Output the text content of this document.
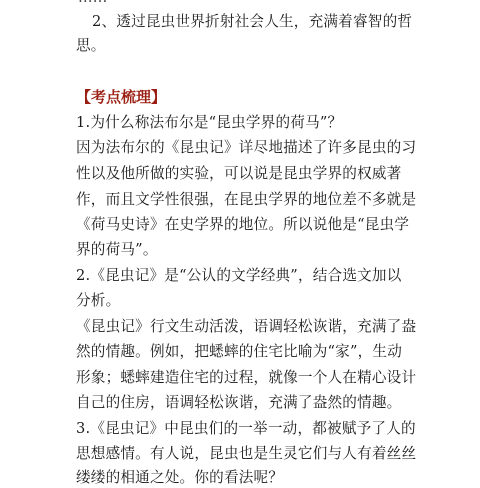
2、透过昆虫世界折射社会人生，充满着睿智的哲
思。
【考点梳理】
1.为什么称法布尔是“昆虫学界的荷马”？
因为法布尔的《昆虫记》详尽地描述了许多昆虫的习
性以及他所做的实验，可以说是昆虫学界的权威著
作，而且文学性很强，在昆虫学界的地位差不多就是
《荷马史诗》在史学界的地位。所以说他是“昆虫学
界的荷马”。
2.《昆虫记》是“公认的文学经典”，结合选文加以
分析。
《昆虫记》行文生动活泼，语调轻松诙谐，充满了盎
然的情趣。例如，把蟋蟀的住宅比喻为“家”，生动
形象；蟋蟀建造住宅的过程，就像一个人在精心设计
自己的住房，语调轻松诙谐，充满了盎然的情趣。
3.《昆虫记》中昆虫们的一举一动，都被赋予了人的
思想感情。有人说，昆虫也是生灵它们与人有着丝丝
缕缕的相通之处。你的看法呢？
